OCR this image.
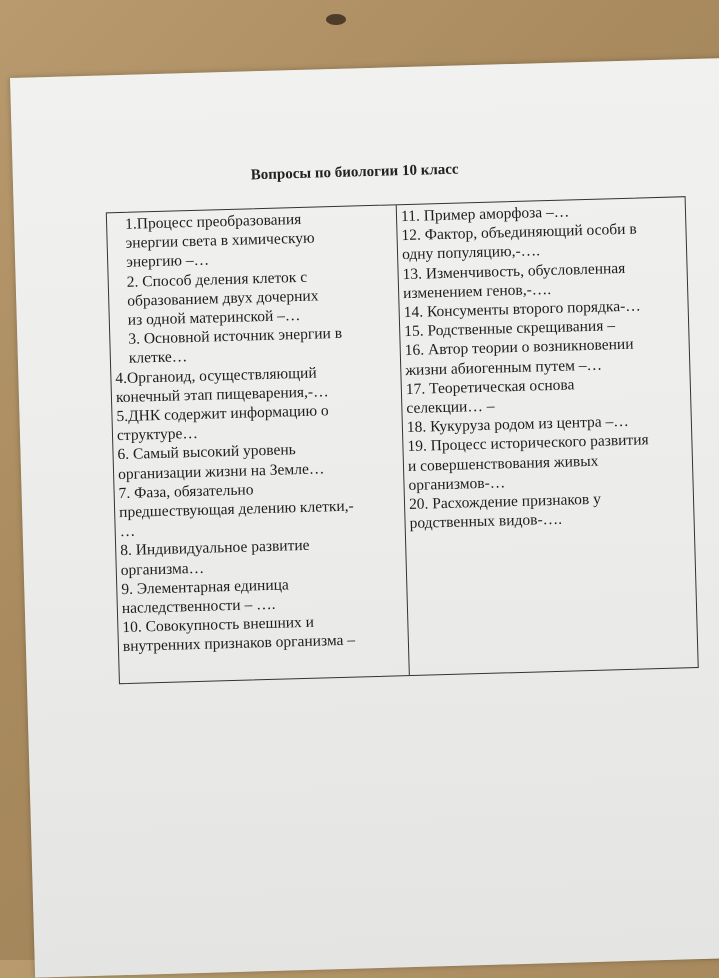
Вопросы по биологии 10 класс

1.Процесс преобразования
энергии света в химическую
энергию –…

2. Способ деления клеток с
образованием двух дочерних
из одной материнской –…

3. Основной источник энергии в
клетке…

4.Органоид, осуществляющий
конечный этап пищеварения,-…

5.ДНК содержит информацию о
структуре…

6. Самый высокий уровень
организации жизни на Земле…

7. Фаза, обязательно
предшествующая делению клетки,-
…

8. Индивидуальное развитие
организма…

9. Элементарная единица
наследственности – ….

10. Совокупность внешних и
внутренних признаков организма –

11. Пример аморфоза –…

12. Фактор, объединяющий особи в
одну популяцию,-….

13. Изменчивость, обусловленная
изменением генов,-….

14. Консументы второго порядка-…

15. Родственные скрещивания –

16. Автор теории о возникновении
жизни абиогенным путем –…

17. Теоретическая основа
селекции… –

18. Кукуруза родом из центра –…

19. Процесс исторического развития
и совершенствования живых
организмов-…

20. Расхождение признаков у
родственных видов-….
